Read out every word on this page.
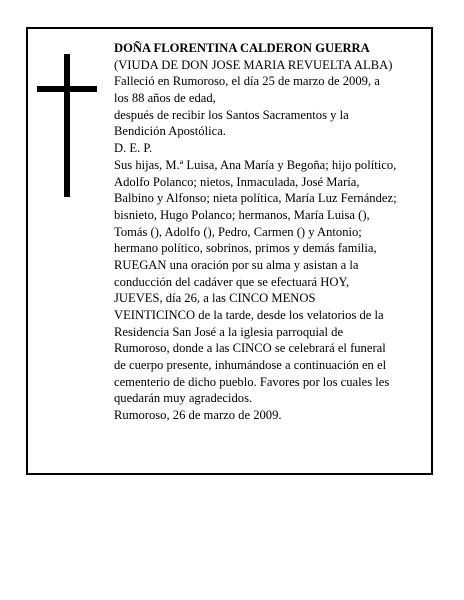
DOÑA FLORENTINA CALDERON GUERRA
(VIUDA DE DON JOSE MARIA REVUELTA ALBA)
Falleció en Rumoroso, el día 25 de marzo de 2009, a
los 88 años de edad,
después de recibir los Santos Sacramentos y la
Bendición Apostólica.
D. E. P.
Sus hijas, M.ª Luisa, Ana María y Begoña; hijo político,
Adolfo Polanco; nietos, Inmaculada, José María,
Balbino y Alfonso; nieta política, María Luz Fernández;
bisnieto, Hugo Polanco; hermanos, María Luisa (),
Tomás (), Adolfo (), Pedro, Carmen () y Antonio;
hermano político, sobrinos, primos y demás familia,
RUEGAN una oración por su alma y asistan a la
conducción del cadáver que se efectuará HOY,
JUEVES, día 26, a las CINCO MENOS
VEINTICINCO de la tarde, desde los velatorios de la
Residencia San José a la iglesia parroquial de
Rumoroso, donde a las CINCO se celebrará el funeral
de cuerpo presente, inhumándose a continuación en el
cementerio de dicho pueblo. Favores por los cuales les
quedarán muy agradecidos.
Rumoroso, 26 de marzo de 2009.
